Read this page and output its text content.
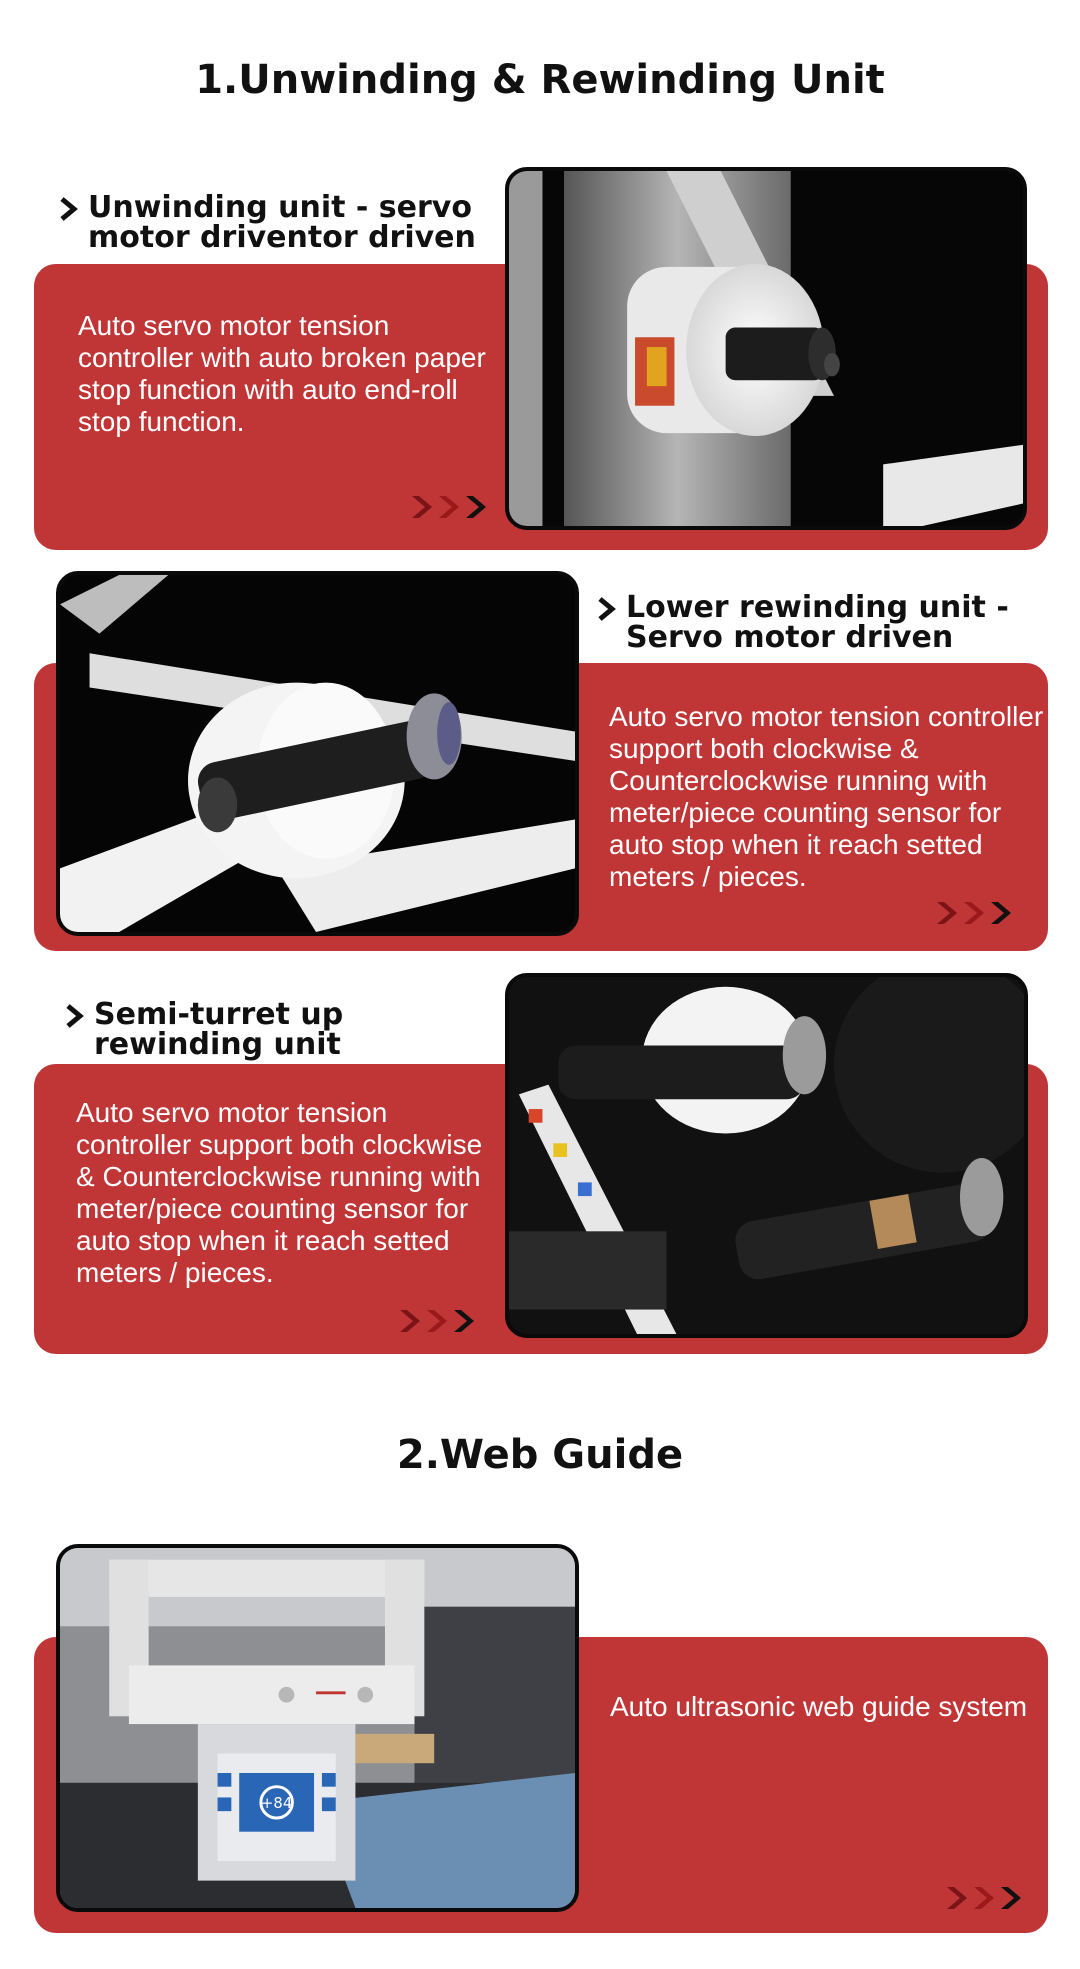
1.Unwinding & Rewinding Unit
Unwinding unit - servo
motor driventor driven

Auto servo motor tension controller with auto broken paper stop function with auto end-roll stop function.

Lower rewinding unit -
Servo motor driven

Auto servo motor tension controller support both clockwise & Counterclockwise running with meter/piece counting sensor for auto stop when it reach setted meters / pieces.

Semi-turret up
rewinding unit

Auto servo motor tension controller support both clockwise & Counterclockwise running with meter/piece counting sensor for auto stop when it reach setted meters / pieces.

2.Web Guide

Auto ultrasonic web guide system

+84
